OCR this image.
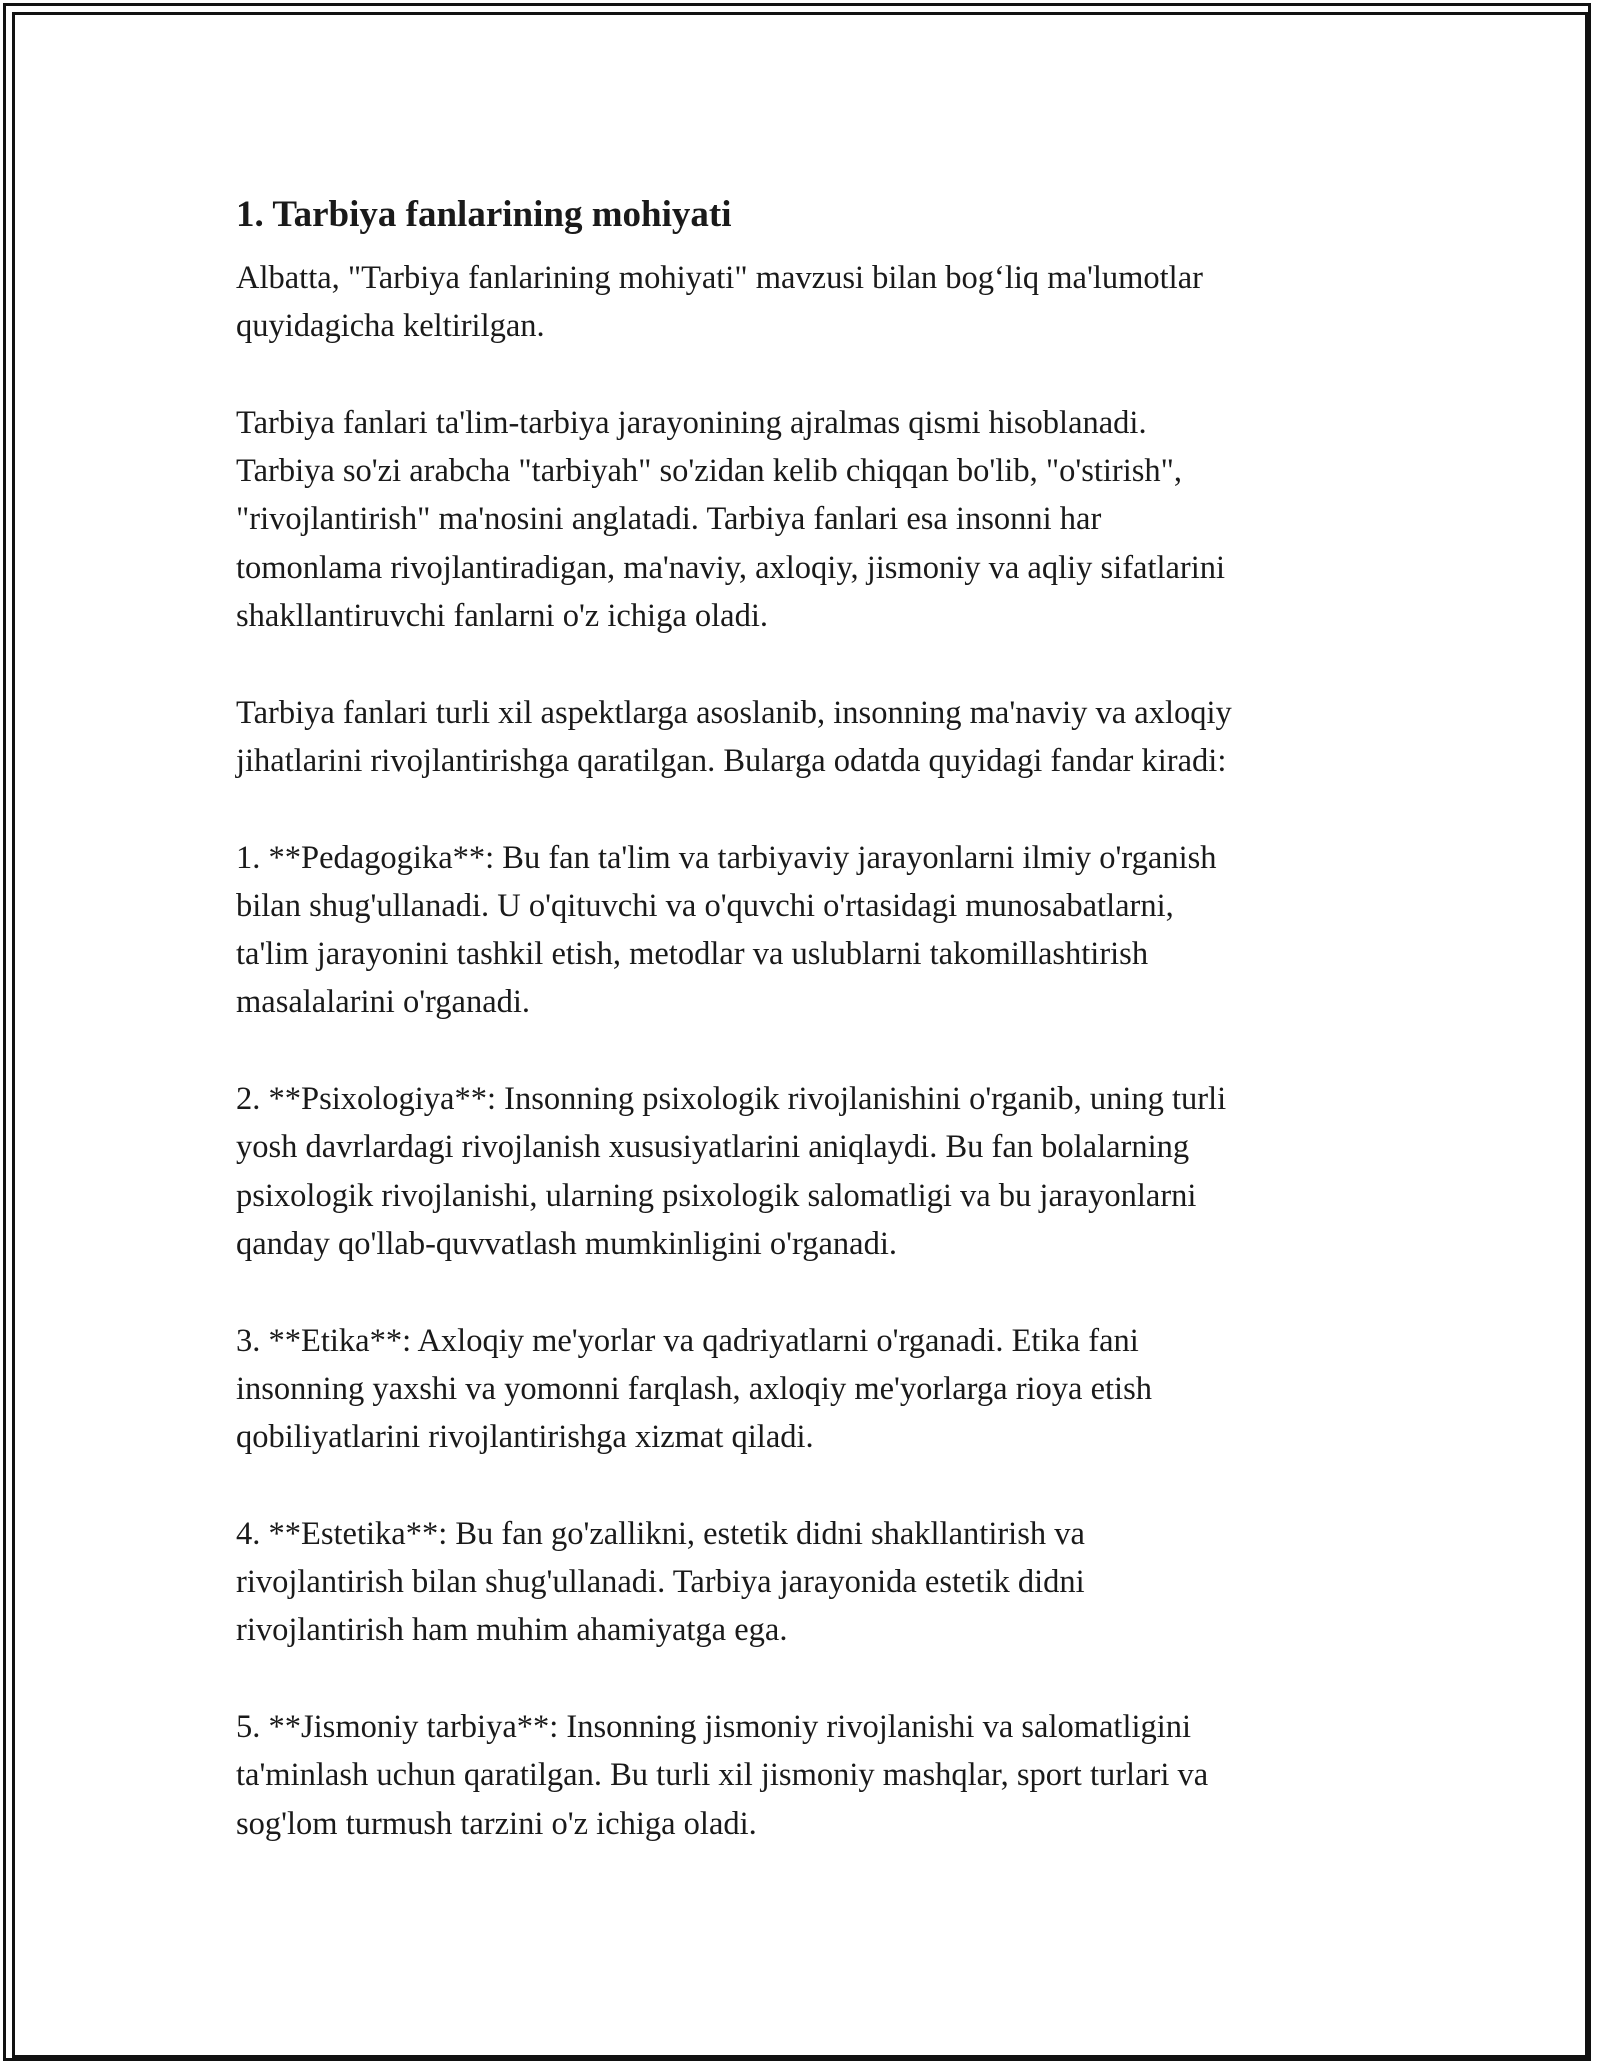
1. Tarbiya fanlarining mohiyati

Albatta, "Tarbiya fanlarining mohiyati" mavzusi bilan bog‘liq ma'lumotlar
quyidagicha keltirilgan.

Tarbiya fanlari ta'lim-tarbiya jarayonining ajralmas qismi hisoblanadi.
Tarbiya so'zi arabcha "tarbiyah" so'zidan kelib chiqqan bo'lib, "o'stirish",
"rivojlantirish" ma'nosini anglatadi. Tarbiya fanlari esa insonni har
tomonlama rivojlantiradigan, ma'naviy, axloqiy, jismoniy va aqliy sifatlarini
shakllantiruvchi fanlarni o'z ichiga oladi.

Tarbiya fanlari turli xil aspektlarga asoslanib, insonning ma'naviy va axloqiy
jihatlarini rivojlantirishga qaratilgan. Bularga odatda quyidagi fandar kiradi:

1. **Pedagogika**: Bu fan ta'lim va tarbiyaviy jarayonlarni ilmiy o'rganish
bilan shug'ullanadi. U o'qituvchi va o'quvchi o'rtasidagi munosabatlarni,
ta'lim jarayonini tashkil etish, metodlar va uslublarni takomillashtirish
masalalarini o'rganadi.

2. **Psixologiya**: Insonning psixologik rivojlanishini o'rganib, uning turli
yosh davrlardagi rivojlanish xususiyatlarini aniqlaydi. Bu fan bolalarning
psixologik rivojlanishi, ularning psixologik salomatligi va bu jarayonlarni
qanday qo'llab-quvvatlash mumkinligini o'rganadi.

3. **Etika**: Axloqiy me'yorlar va qadriyatlarni o'rganadi. Etika fani
insonning yaxshi va yomonni farqlash, axloqiy me'yorlarga rioya etish
qobiliyatlarini rivojlantirishga xizmat qiladi.

4. **Estetika**: Bu fan go'zallikni, estetik didni shakllantirish va
rivojlantirish bilan shug'ullanadi. Tarbiya jarayonida estetik didni
rivojlantirish ham muhim ahamiyatga ega.

5. **Jismoniy tarbiya**: Insonning jismoniy rivojlanishi va salomatligini
ta'minlash uchun qaratilgan. Bu turli xil jismoniy mashqlar, sport turlari va
sog'lom turmush tarzini o'z ichiga oladi.
